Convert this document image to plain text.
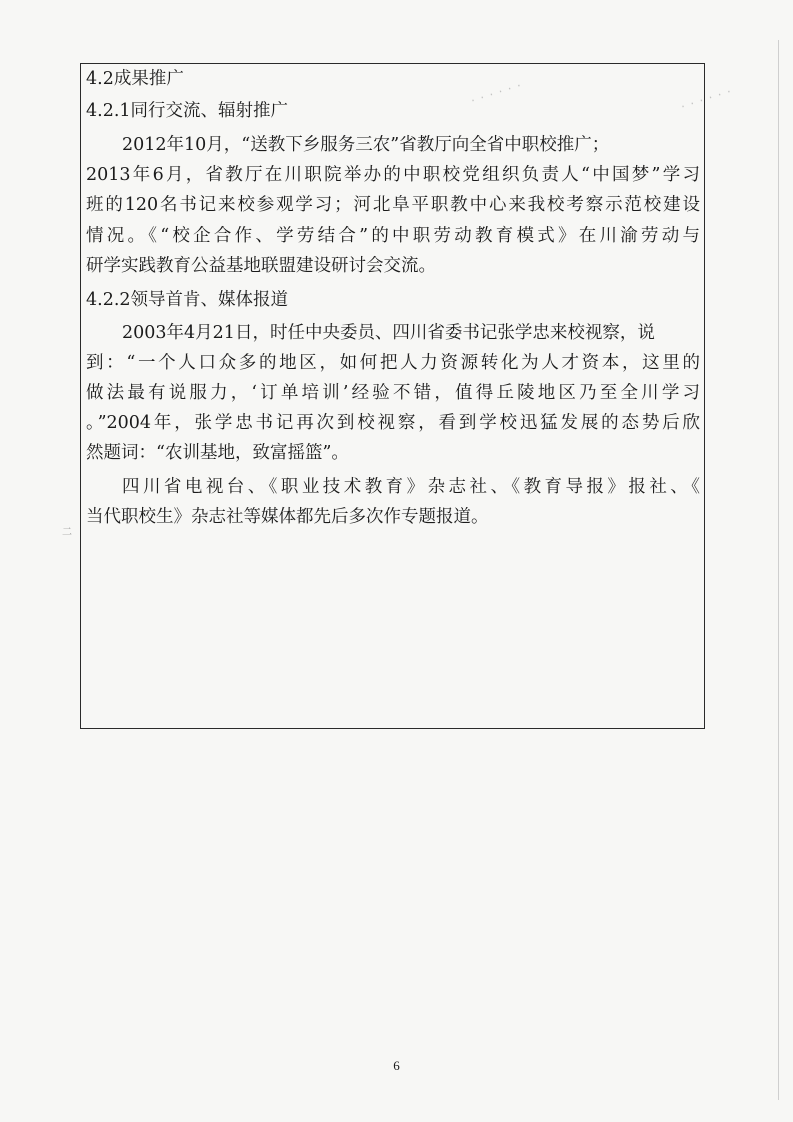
· · · · · ·	· · · · · ·
4.2成果推广
4.2.1同行交流、辐射推广
2012年10月，“送教下乡服务三农”省教厅向全省中职校推广；
2013年6月，省教厅在川职院举办的中职校党组织负责人“中国梦”学习
班的120名书记来校参观学习；河北阜平职教中心来我校考察示范校建设
情况。《“校企合作、学劳结合”的中职劳动教育模式》在川渝劳动与
研学实践教育公益基地联盟建设研讨会交流。
4.2.2领导首肯、媒体报道
2003年4月21日，时任中央委员、四川省委书记张学忠来校视察，说
到：“一个人口众多的地区，如何把人力资源转化为人才资本，这里的
做法最有说服力，‘订单培训’经验不错，值得丘陵地区乃至全川学习
。”2004年，张学忠书记再次到校视察，看到学校迅猛发展的态势后欣
然题词：“农训基地，致富摇篮”。
四川省电视台、《职业技术教育》杂志社、《教育导报》报社、《
当代职校生》杂志社等媒体都先后多次作专题报道。
二
6
